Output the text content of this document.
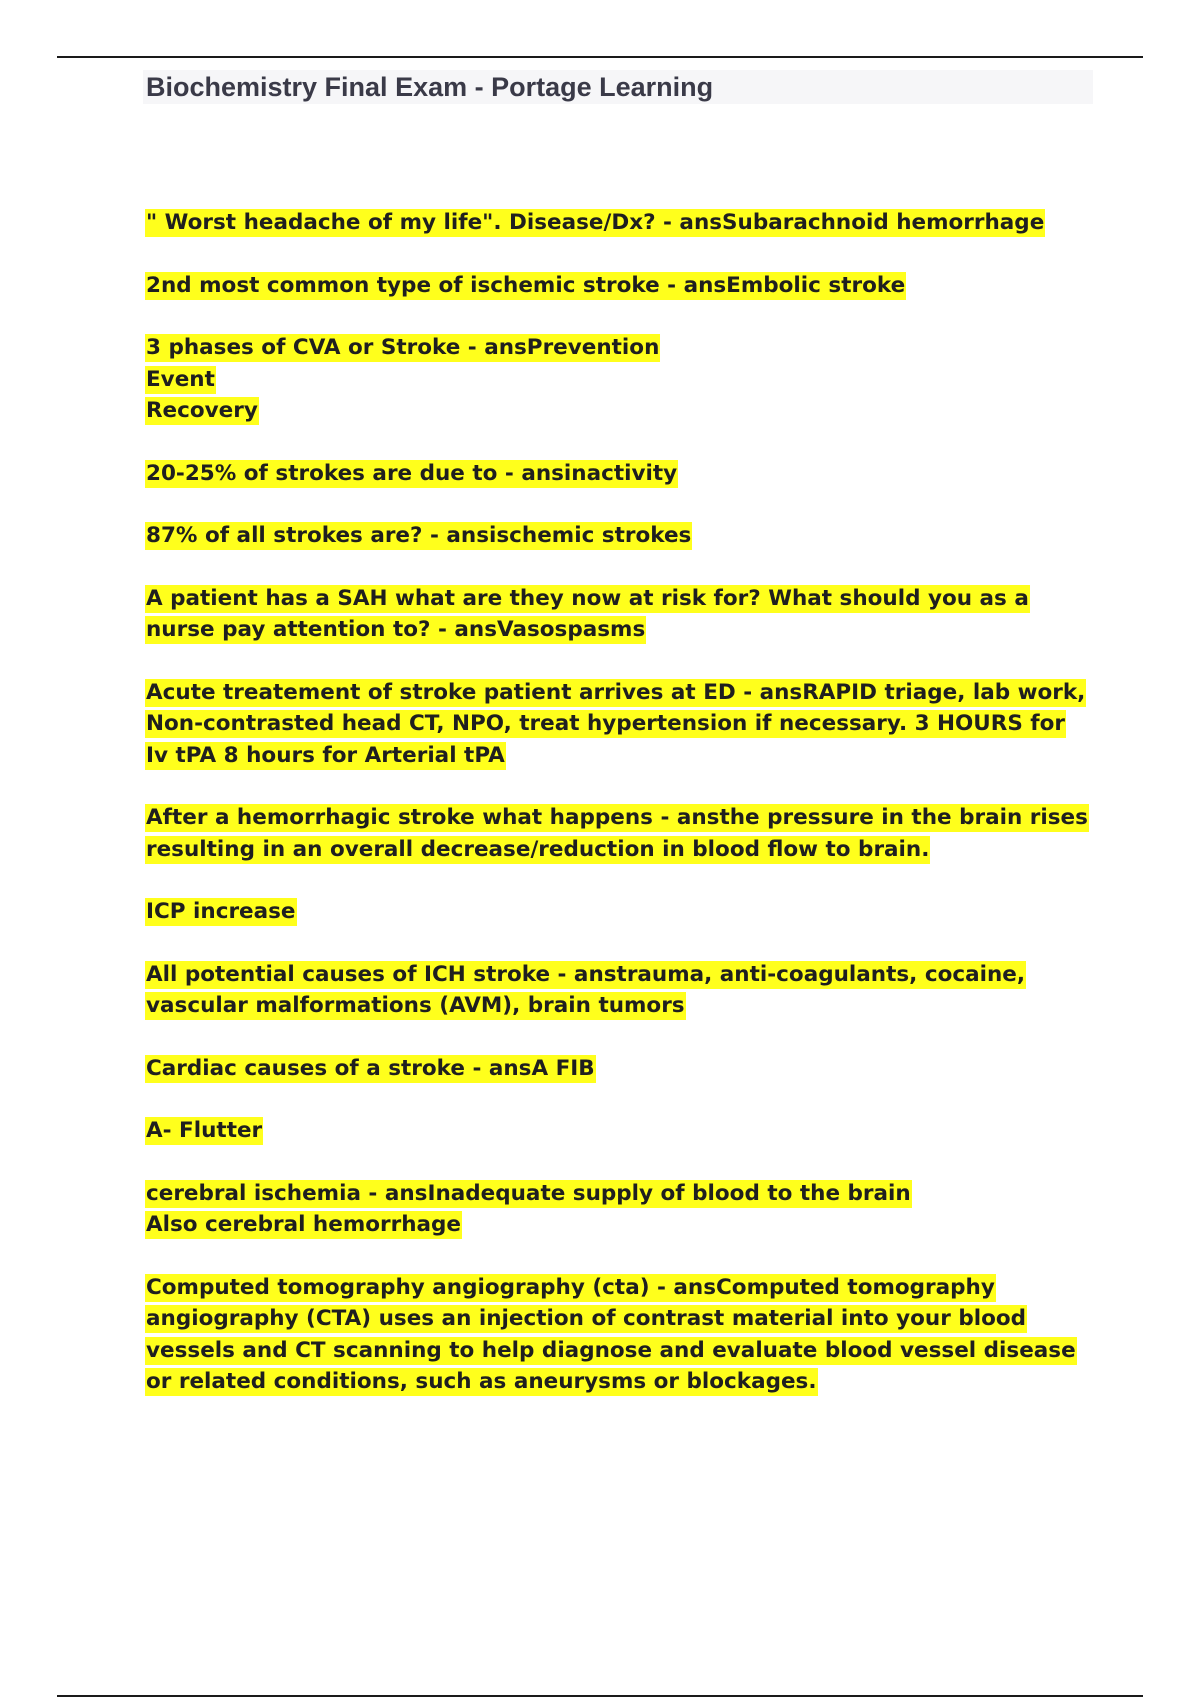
Biochemistry Final Exam - Portage Learning
" Worst headache of my life". Disease/Dx? - ansSubarachnoid hemorrhage
2nd most common type of ischemic stroke - ansEmbolic stroke
3 phases of CVA or Stroke - ansPrevention
Event
Recovery
20-25% of strokes are due to - ansinactivity
87% of all strokes are? - ansischemic strokes
A patient has a SAH what are they now at risk for? What should you as a nurse pay attention to? - ansVasospasms
Acute treatement of stroke patient arrives at ED - ansRAPID triage, lab work, Non-contrasted head CT, NPO, treat hypertension if necessary. 3 HOURS for Iv tPA 8 hours for Arterial tPA
After a hemorrhagic stroke what happens - ansthe pressure in the brain rises resulting in an overall decrease/reduction in blood flow to brain.
ICP increase
All potential causes of ICH stroke - anstrauma, anti-coagulants, cocaine, vascular malformations (AVM), brain tumors
Cardiac causes of a stroke - ansA FIB
A- Flutter
cerebral ischemia - ansInadequate supply of blood to the brain
Also cerebral hemorrhage
Computed tomography angiography (cta) - ansComputed tomography angiography (CTA) uses an injection of contrast material into your blood vessels and CT scanning to help diagnose and evaluate blood vessel disease or related conditions, such as aneurysms or blockages.
